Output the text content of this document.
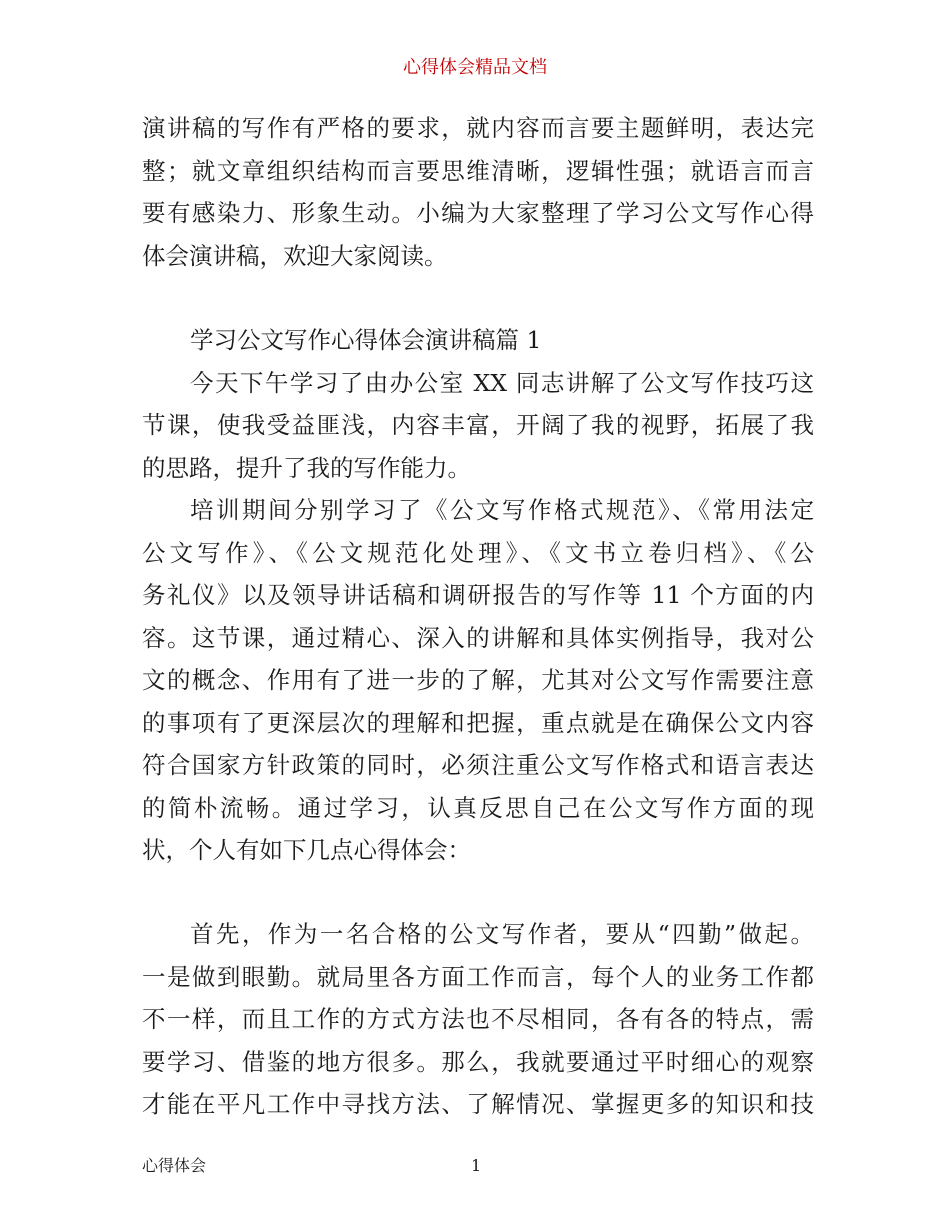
心得体会精品文档
演讲稿的写作有严格的要求，就内容而言要主题鲜明，表达完
整；就文章组织结构而言要思维清晰，逻辑性强；就语言而言
要有感染力、形象生动。小编为大家整理了学习公文写作心得
体会演讲稿，欢迎大家阅读。
学习公文写作心得体会演讲稿篇 1
今天下午学习了由办公室 XX 同志讲解了公文写作技巧这
节课，使我受益匪浅，内容丰富，开阔了我的视野，拓展了我
的思路，提升了我的写作能力。
培训期间分别学习了《公文写作格式规范》、《常用法定
公文写作》、《公文规范化处理》、《文书立卷归档》、《公
务礼仪》以及领导讲话稿和调研报告的写作等 11 个方面的内
容。这节课，通过精心、深入的讲解和具体实例指导，我对公
文的概念、作用有了进一步的了解，尤其对公文写作需要注意
的事项有了更深层次的理解和把握，重点就是在确保公文内容
符合国家方针政策的同时，必须注重公文写作格式和语言表达
的简朴流畅。通过学习，认真反思自己在公文写作方面的现
状，个人有如下几点心得体会：
首先，作为一名合格的公文写作者，要从“四勤”做起。
一是做到眼勤。就局里各方面工作而言，每个人的业务工作都
不一样，而且工作的方式方法也不尽相同，各有各的特点，需
要学习、借鉴的地方很多。那么，我就要通过平时细心的观察
才能在平凡工作中寻找方法、了解情况、掌握更多的知识和技
心得体会	1
